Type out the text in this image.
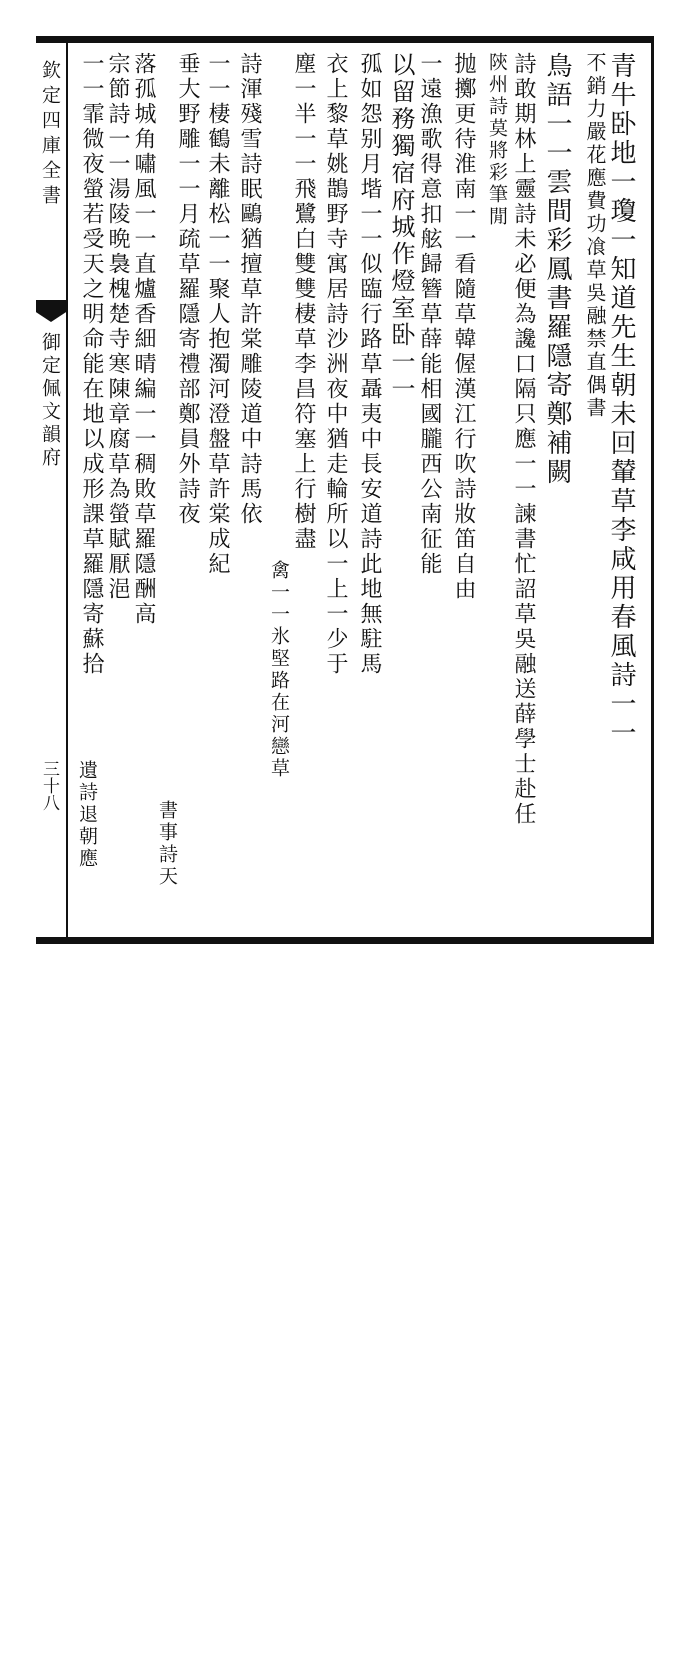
欽定四庫全書
御定佩文韻府
三十八
青牛卧地一瓊一知道先生朝未回輦草李咸用春風詩一一
不銷力嚴花應費功飡草吳融禁直偶書
鳥語一一雲間彩鳳書羅隱寄鄭補闕
詩敢期林上靈詩未必便為讒口隔只應一一諫書忙詔草吳融送薛學士赴任
陝州詩莫將彩筆閒
抛擲更待淮南一一看隨草韓偓漢江行吹詩妝笛自由
一遠漁歌得意扣舷歸簪草薛能相國朧西公南征能
以留務獨宿府城作燈室卧一一
孤如怨别月堦一一似臨行路草聶夷中長安道詩此地無駐馬
衣上黎草姚鵲野寺寓居詩沙洲夜中猶走輪所以一上一少于
塵一半一一飛鷺白雙雙棲草李昌符塞上行樹盡
禽一一氷堅路在河戀草
詩渾殘雪詩眠鷗猶擅草許棠雕陵道中詩馬依
一一棲鶴未離松一一聚人抱濁河澄盤草許棠成紀
垂大野雕一一月疏草羅隱寄禮部鄭員外詩夜
書事詩天
落孤城角嘯風一一直爐香細晴編一一稠敗草羅隱酬高
宗節詩一一湯陵晩裊槐楚寺寒陳章腐草為螢賦厭浥
一一霏微夜螢若受天之明命能在地以成形課草羅隱寄蘇拾
遺詩退朝應
